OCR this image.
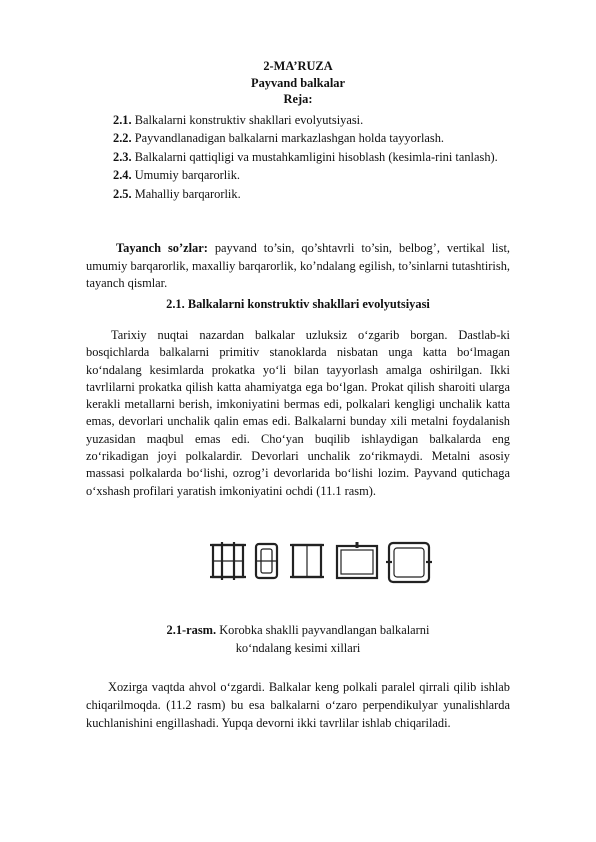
2-MA’RUZA
Payvand balkalar
Reja:
2.1. Balkalarni konstruktiv shakllari evolyutsiyasi.
2.2. Payvandlanadigan balkalarni markazlashgan holda tayyorlash.
2.3. Balkalarni qattiqligi va mustahkamligini hisoblash (kesimla-rini tanlash).
2.4. Umumiy barqarorlik.
2.5. Mahalliy barqarorlik.

Tayanch so’zlar: payvand to’sin, qo’shtavrli to’sin, belbog’, vertikal list, umumiy barqarorlik, maxalliy barqarorlik, ko’ndalang egilish, to’sinlarni tutashtirish, tayanch qismlar.

2.1. Balkalarni konstruktiv shakllari evolyutsiyasi

Tarixiy nuqtai nazardan balkalar uzluksiz o‘zgarib borgan. Dastlab-ki bosqichlarda balkalarni primitiv stanoklarda nisbatan unga katta bo‘lmagan ko‘ndalang kesimlarda prokatka yo‘li bilan tayyorlash amalga oshirilgan. Ikki tavrlilarni prokatka qilish katta ahamiyatga ega bo‘lgan. Prokat qilish sharoiti ularga kerakli metallarni berish, imkoniyatini bermas edi, polkalari kengligi unchalik katta emas, devorlari unchalik qalin emas edi. Balkalarni bunday xili metalni foydalanish yuzasidan maqbul emas edi. Cho‘yan buqilib ishlaydigan balkalarda eng zo‘rikadigan joyi polkalardir. Devorlari unchalik zo‘rikmaydi. Metalni asosiy massasi polkalarda bo‘lishi, ozrog’i devorlarida bo‘lishi lozim. Payvand qutichaga o‘xshash profilari yaratish imkoniyatini ochdi (11.1 rasm).

2.1-rasm. Korobka shaklli payvandlangan balkalarni
ko‘ndalang kesimi xillari

Xozirga vaqtda ahvol o‘zgardi. Balkalar keng polkali paralel qirrali qilib ishlab chiqarilmoqda. (11.2 rasm) bu esa balkalarni o‘zaro perpendikulyar yunalishlarda kuchlanishini engillashadi. Yupqa devorni ikki tavrlilar ishlab chiqariladi.
